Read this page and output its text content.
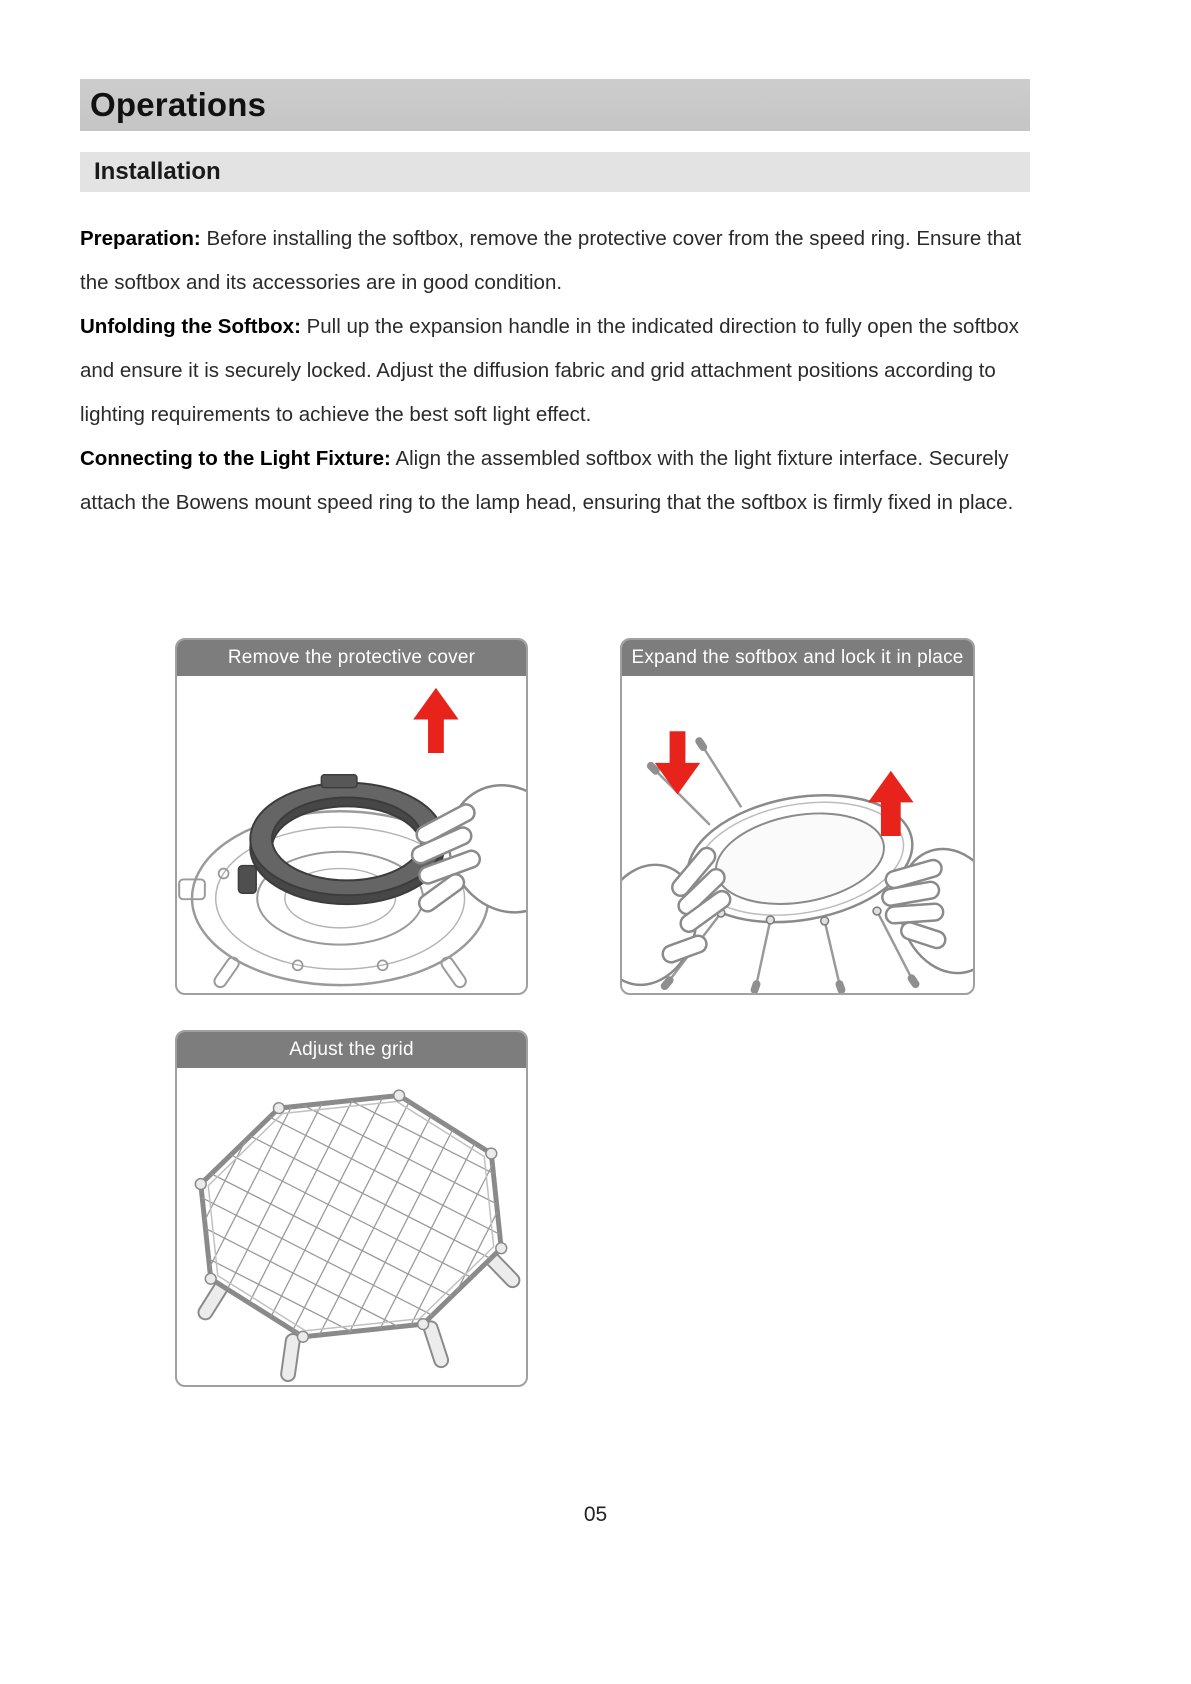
Operations
Installation

Preparation: Before installing the softbox, remove the protective cover from the speed ring. Ensure that the softbox and its accessories are in good condition.

Unfolding the Softbox: Pull up the expansion handle in the indicated direction to fully open the softbox and ensure it is securely locked. Adjust the diffusion fabric and grid attachment positions according to lighting requirements to achieve the best soft light effect.

Connecting to the Light Fixture: Align the assembled softbox with the light fixture interface. Securely attach the Bowens mount speed ring to the lamp head, ensuring that the softbox is firmly fixed in place.

Remove the protective cover	Expand the softbox and lock it in place
Adjust the grid
05
